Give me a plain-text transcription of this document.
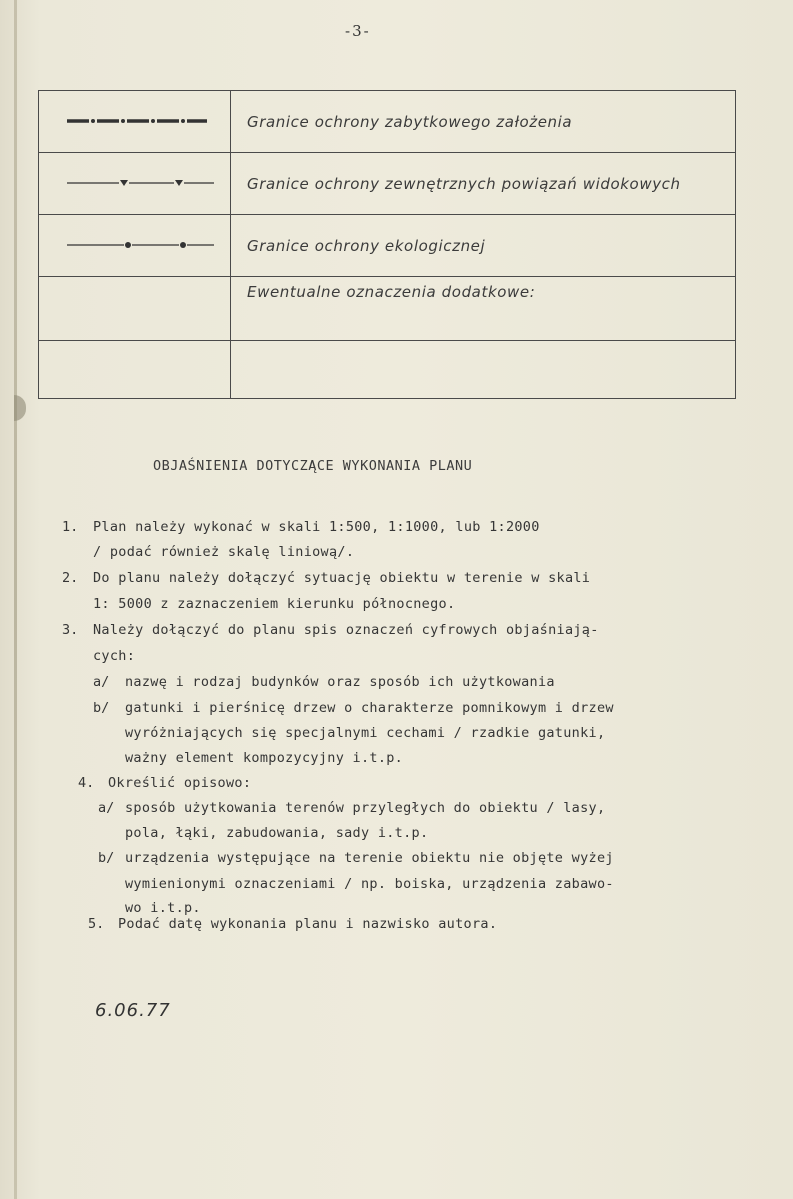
-3-
	Granice ochrony zabytkowego założenia
	Granice ochrony zewnętrznych powiązań widokowych
	Granice ochrony ekologicznej
	Ewentualne oznaczenia dodatkowe:

OBJAŚNIENIA DOTYCZĄCE WYKONANIA PLANU
1. Plan należy wykonać w skali 1:500, 1:1000, lub 1:2000
/ podać również skalę liniową/.
2. Do planu należy dołączyć sytuację obiektu w terenie w skali
1: 5000 z zaznaczeniem kierunku północnego.
3. Należy dołączyć do planu spis oznaczeń cyfrowych objaśniają-
cych:
a/ nazwę i rodzaj budynków oraz sposób ich użytkowania
b/ gatunki i pierśnicę drzew o charakterze pomnikowym i drzew
wyróżniających się specjalnymi cechami / rzadkie gatunki,
ważny element kompozycyjny i.t.p.
4. Określić opisowo:
a/ sposób użytkowania terenów przyległych do obiektu / lasy,
pola, łąki, zabudowania, sady i.t.p.
b/ urządzenia występujące na terenie obiektu nie objęte wyżej
wymienionymi oznaczeniami / np. boiska, urządzenia zabawo-
wo i.t.p.
5. Podać datę wykonania planu i nazwisko autora.
6.06.77
